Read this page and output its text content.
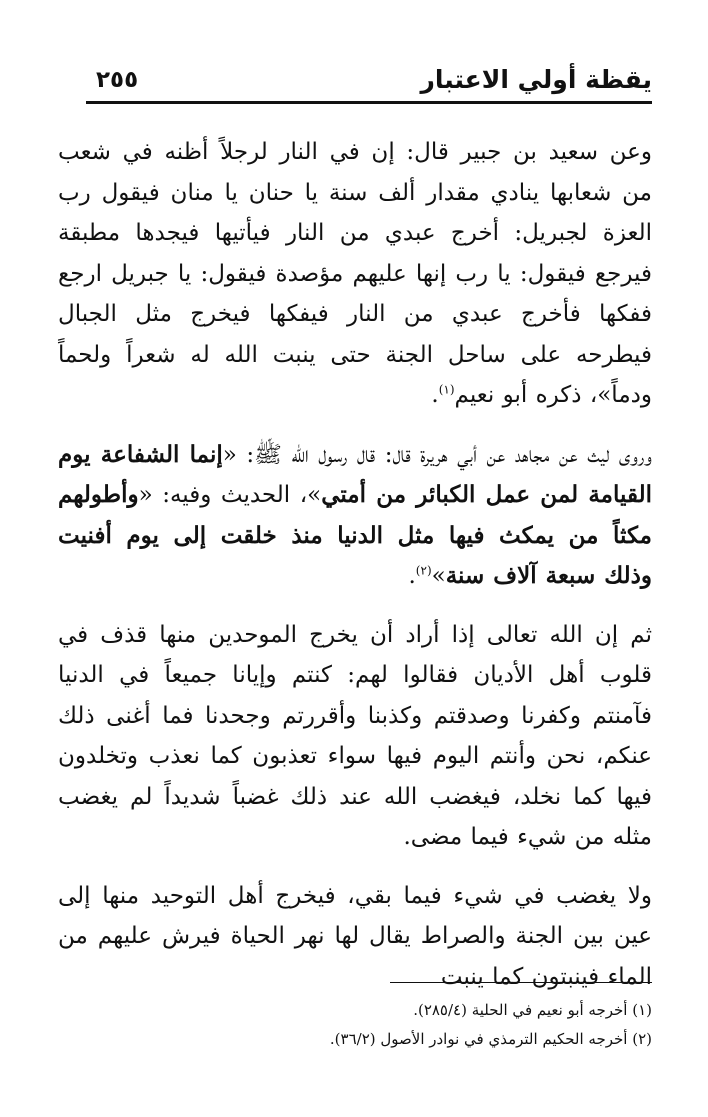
يقظة أولي الاعتبار
٢٥٥

وعن سعيد بن جبير قال: إن في النار لرجلاً أظنه في شعب من شعابها ينادي مقدار ألف سنة يا حنان يا منان فيقول رب العزة لجبريل: أخرج عبدي من النار فيأتيها فيجدها مطبقة فيرجع فيقول: يا رب إنها عليهم مؤصدة فيقول: يا جبريل ارجع ففكها فأخرج عبدي من النار فيفكها فيخرج مثل الجبال فيطرحه على ساحل الجنة حتى ينبت الله له شعراً ولحماً ودماً»، ذكره أبو نعيم$^{(١)}$.

وروى ليث عن مجاهد عن أبي هريرة قال: قال رسول الله ﷺ: «إنما الشفاعة يوم القيامة لمن عمل الكبائر من أمتي»، الحديث وفيه: «وأطولهم مكثاً من يمكث فيها مثل الدنيا منذ خلقت إلى يوم أفنيت وذلك سبعة آلاف سنة»$^{(٢)}$.

ثم إن الله تعالى إذا أراد أن يخرج الموحدين منها قذف في قلوب أهل الأديان فقالوا لهم: كنتم وإيانا جميعاً في الدنيا فآمنتم وكفرنا وصدقتم وكذبنا وأقررتم وجحدنا فما أغنى ذلك عنكم، نحن وأنتم اليوم فيها سواء تعذبون كما نعذب وتخلدون فيها كما نخلد، فيغضب الله عند ذلك غضباً شديداً لم يغضب مثله من شيء فيما مضى.

ولا يغضب في شيء فيما بقي، فيخرج أهل التوحيد منها إلى عين بين الجنة والصراط يقال لها نهر الحياة فيرش عليهم من الماء فينبتون كما ينبت

(١) أخرجه أبو نعيم في الحلية (٢٨٥/٤).

(٢) أخرجه الحكيم الترمذي في نوادر الأصول (٣٦/٢).
